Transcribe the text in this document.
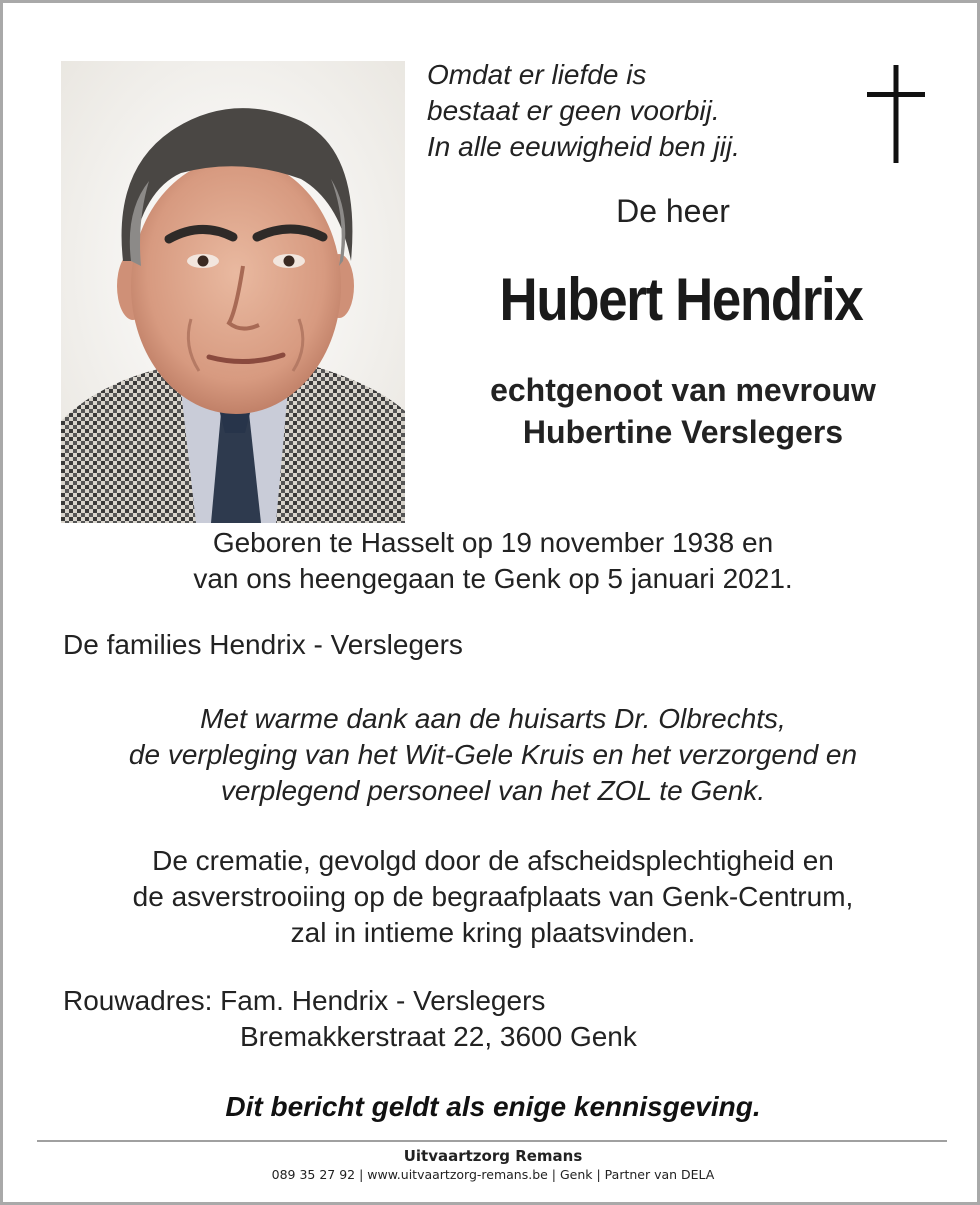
Omdat er liefde is
bestaat er geen voorbij.
In alle eeuwigheid ben jij.
De heer
Hubert Hendrix
echtgenoot van mevrouw
Hubertine Verslegers
Geboren te Hasselt op 19 november 1938 en
van ons heengegaan te Genk op 5 januari 2021.
De families Hendrix - Verslegers
Met warme dank aan de huisarts Dr. Olbrechts,
de verpleging van het Wit-Gele Kruis en het verzorgend en
verplegend personeel van het ZOL te Genk.
De crematie, gevolgd door de afscheidsplechtigheid en
de asverstrooiing op de begraafplaats van Genk-Centrum,
zal in intieme kring plaatsvinden.
Rouwadres: Fam. Hendrix - Verslegers
Bremakkerstraat 22, 3600 Genk
Dit bericht geldt als enige kennisgeving.
Uitvaartzorg Remans
089 35 27 92 | www.uitvaartzorg-remans.be | Genk | Partner van DELA
